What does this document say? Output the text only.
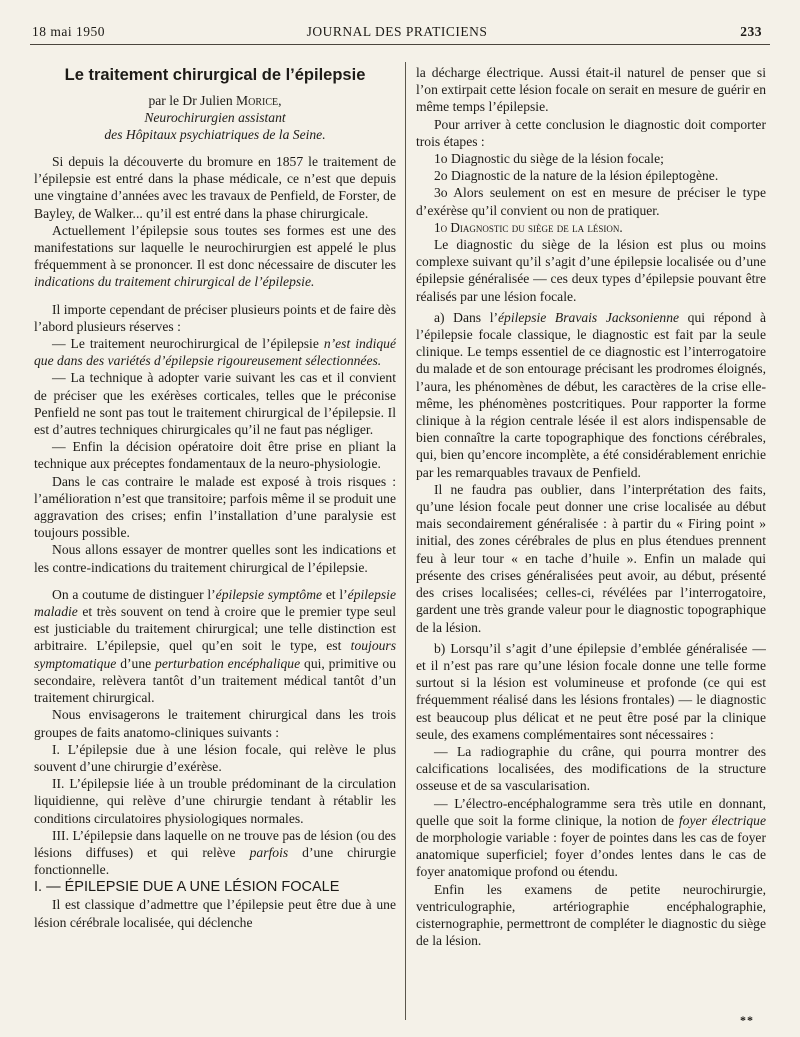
18 mai 1950	JOURNAL DES PRATICIENS	233
Le traitement chirurgical de l’épilepsie
par le Dr Julien Morice,
Neurochirurgien assistant
des Hôpitaux psychiatriques de la Seine.

Si depuis la découverte du bromure en 1857 le traitement de l’épilepsie est entré dans la phase médicale, ce n’est que depuis une vingtaine d’années avec les travaux de Penfield, de Forster, de Bayley, de Walker... qu’il est entré dans la phase chirurgicale.

Actuellement l’épilepsie sous toutes ses formes est une des manifestations sur laquelle le neurochirurgien est appelé le plus fréquemment à se prononcer. Il est donc nécessaire de discuter les indications du traitement chirurgical de l’épilepsie.

Il importe cependant de préciser plusieurs points et de faire dès l’abord plusieurs réserves :

— Le traitement neurochirurgical de l’épilepsie n’est indiqué que dans des variétés d’épilepsie rigoureusement sélectionnées.

— La technique à adopter varie suivant les cas et il convient de préciser que les exérèses corticales, telles que le préconise Penfield ne sont pas tout le traitement chirurgical de l’épilepsie. Il est d’autres techniques chirurgicales qu’il ne faut pas négliger.

— Enfin la décision opératoire doit être prise en pliant la technique aux préceptes fondamentaux de la neuro-physiologie.

Dans le cas contraire le malade est exposé à trois risques : l’amélioration n’est que transitoire; parfois même il se produit une aggravation des crises; enfin l’installation d’une paralysie est toujours possible.

Nous allons essayer de montrer quelles sont les indications et les contre-indications du traitement chirurgical de l’épilepsie.

On a coutume de distinguer l’épilepsie symptôme et l’épilepsie maladie et très souvent on tend à croire que le premier type seul est justiciable du traitement chirurgical; une telle distinction est arbitraire. L’épilepsie, quel qu’en soit le type, est toujours symptomatique d’une perturbation encéphalique qui, primitive ou secondaire, relèvera tantôt d’un traitement médical tantôt d’un traitement chirurgical.

Nous envisagerons le traitement chirurgical dans les trois groupes de faits anatomo-cliniques suivants :

I. L’épilepsie due à une lésion focale, qui relève le plus souvent d’une chirurgie d’exérèse.

II. L’épilepsie liée à un trouble prédominant de la circulation liquidienne, qui relève d’une chirurgie tendant à rétablir les conditions circulatoires physiologiques normales.

III. L’épilepsie dans laquelle on ne trouve pas de lésion (ou des lésions diffuses) et qui relève parfois d’une chirurgie fonctionnelle.

I. — ÉPILEPSIE DUE A UNE LÉSION FOCALE

Il est classique d’admettre que l’épilepsie peut être due à une lésion cérébrale localisée, qui déclenche

la décharge électrique. Aussi était-il naturel de penser que si l’on extirpait cette lésion focale on serait en mesure de guérir en même temps l’épilepsie.

Pour arriver à cette conclusion le diagnostic doit comporter trois étapes :

1o Diagnostic du siège de la lésion focale;

2o Diagnostic de la nature de la lésion épileptogène.

3o Alors seulement on est en mesure de préciser le type d’exérèse qu’il convient ou non de pratiquer.

1o Diagnostic du siège de la lésion.

Le diagnostic du siège de la lésion est plus ou moins complexe suivant qu’il s’agit d’une épilepsie localisée ou d’une épilepsie généralisée — ces deux types d’épilepsie pouvant être réalisés par une lésion focale.

a) Dans l’épilepsie Bravais Jacksonienne qui répond à l’épilepsie focale classique, le diagnostic est fait par la seule clinique. Le temps essentiel de ce diagnostic est l’interrogatoire du malade et de son entourage précisant les prodromes éloignés, l’aura, les phénomènes de début, les caractères de la crise elle-même, les phénomènes postcritiques. Pour rapporter la forme clinique à la région centrale lésée il est alors indispensable de bien connaître la carte topographique des fonctions cérébrales, qui, bien qu’encore incomplète, a été considérablement enrichie par les remarquables travaux de Penfield.

Il ne faudra pas oublier, dans l’interprétation des faits, qu’une lésion focale peut donner une crise localisée au début mais secondairement généralisée : à partir du « Firing point » initial, des zones cérébrales de plus en plus étendues prennent feu à leur tour « en tache d’huile ». Enfin un malade qui présente des crises généralisées peut avoir, au début, présenté des crises localisées; celles-ci, révélées par l’interrogatoire, gardent une très grande valeur pour le diagnostic topographique de la lésion.

b) Lorsqu’il s’agit d’une épilepsie d’emblée généralisée — et il n’est pas rare qu’une lésion focale donne une telle forme surtout si la lésion est volumineuse et profonde (ce qui est fréquemment réalisé dans les lésions frontales) — le diagnostic est beaucoup plus délicat et ne peut être posé par la clinique seule, des examens complémentaires sont nécessaires :

— La radiographie du crâne, qui pourra montrer des calcifications localisées, des modifications de la structure osseuse et de sa vascularisation.

— L’électro-encéphalogramme sera très utile en donnant, quelle que soit la forme clinique, la notion de foyer électrique de morphologie variable : foyer de pointes dans les cas de foyer anatomique superficiel; foyer d’ondes lentes dans le cas de foyer anatomique profond ou étendu.

Enfin les examens de petite neurochirurgie, ventriculographie, artériographie encéphalographie, cisternographie, permettront de compléter le diagnostic du siège de la lésion.

**
